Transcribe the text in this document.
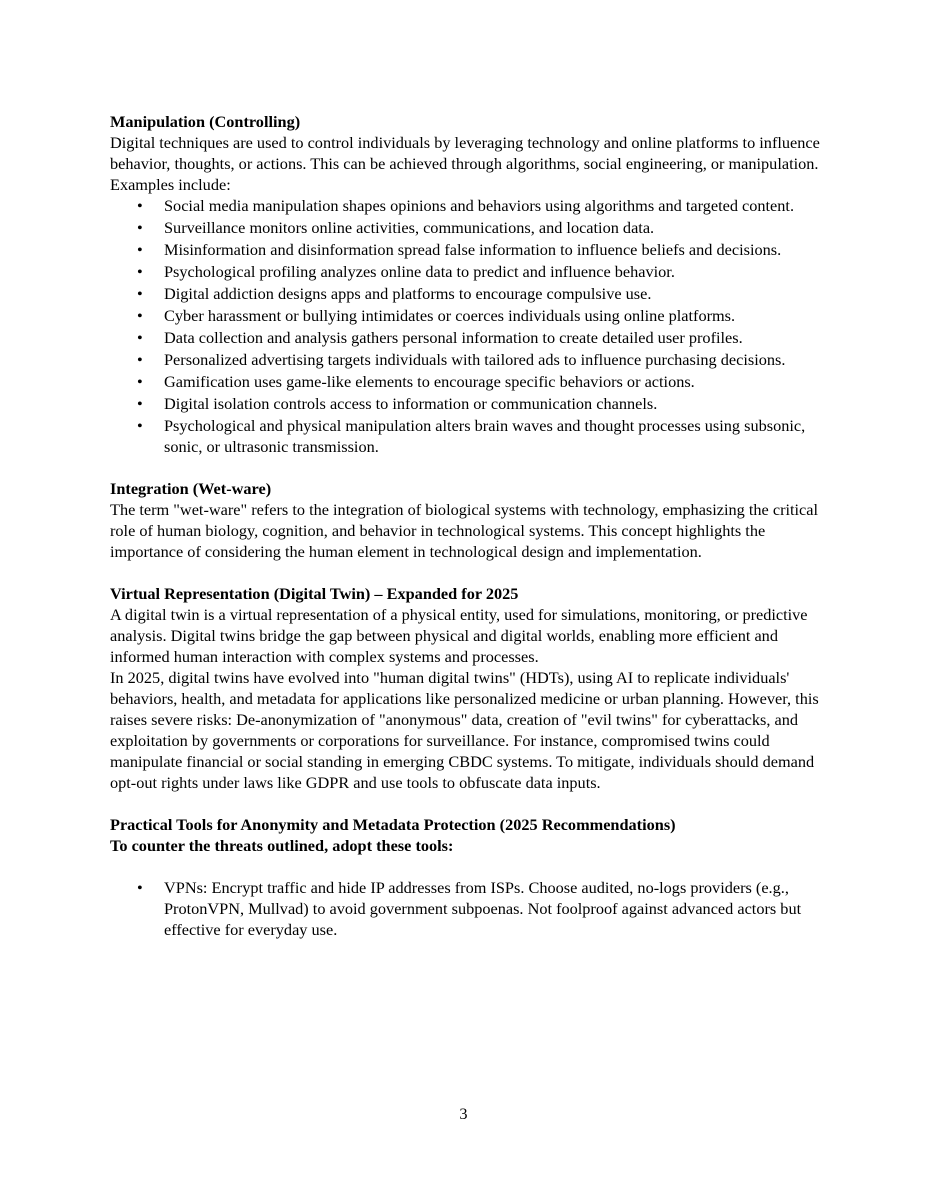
Manipulation (Controlling)

Digital techniques are used to control individuals by leveraging technology and online platforms to influence behavior, thoughts, or actions. This can be achieved through algorithms, social engineering, or manipulation. Examples include:

• Social media manipulation shapes opinions and behaviors using algorithms and targeted content.
• Surveillance monitors online activities, communications, and location data.
• Misinformation and disinformation spread false information to influence beliefs and decisions.
• Psychological profiling analyzes online data to predict and influence behavior.
• Digital addiction designs apps and platforms to encourage compulsive use.
• Cyber harassment or bullying intimidates or coerces individuals using online platforms.
• Data collection and analysis gathers personal information to create detailed user profiles.
• Personalized advertising targets individuals with tailored ads to influence purchasing decisions.
• Gamification uses game-like elements to encourage specific behaviors or actions.
• Digital isolation controls access to information or communication channels.
• Psychological and physical manipulation alters brain waves and thought processes using subsonic, sonic, or ultrasonic transmission.

Integration (Wet-ware)

The term "wet-ware" refers to the integration of biological systems with technology, emphasizing the critical role of human biology, cognition, and behavior in technological systems. This concept highlights the importance of considering the human element in technological design and implementation.

Virtual Representation (Digital Twin) – Expanded for 2025

A digital twin is a virtual representation of a physical entity, used for simulations, monitoring, or predictive analysis. Digital twins bridge the gap between physical and digital worlds, enabling more efficient and informed human interaction with complex systems and processes.

In 2025, digital twins have evolved into "human digital twins" (HDTs), using AI to replicate individuals' behaviors, health, and metadata for applications like personalized medicine or urban planning. However, this raises severe risks: De-anonymization of "anonymous" data, creation of "evil twins" for cyberattacks, and exploitation by governments or corporations for surveillance. For instance, compromised twins could manipulate financial or social standing in emerging CBDC systems. To mitigate, individuals should demand opt-out rights under laws like GDPR and use tools to obfuscate data inputs.

Practical Tools for Anonymity and Metadata Protection (2025 Recommendations)

To counter the threats outlined, adopt these tools:

• VPNs: Encrypt traffic and hide IP addresses from ISPs. Choose audited, no-logs providers (e.g., ProtonVPN, Mullvad) to avoid government subpoenas. Not foolproof against advanced actors but effective for everyday use.
3
